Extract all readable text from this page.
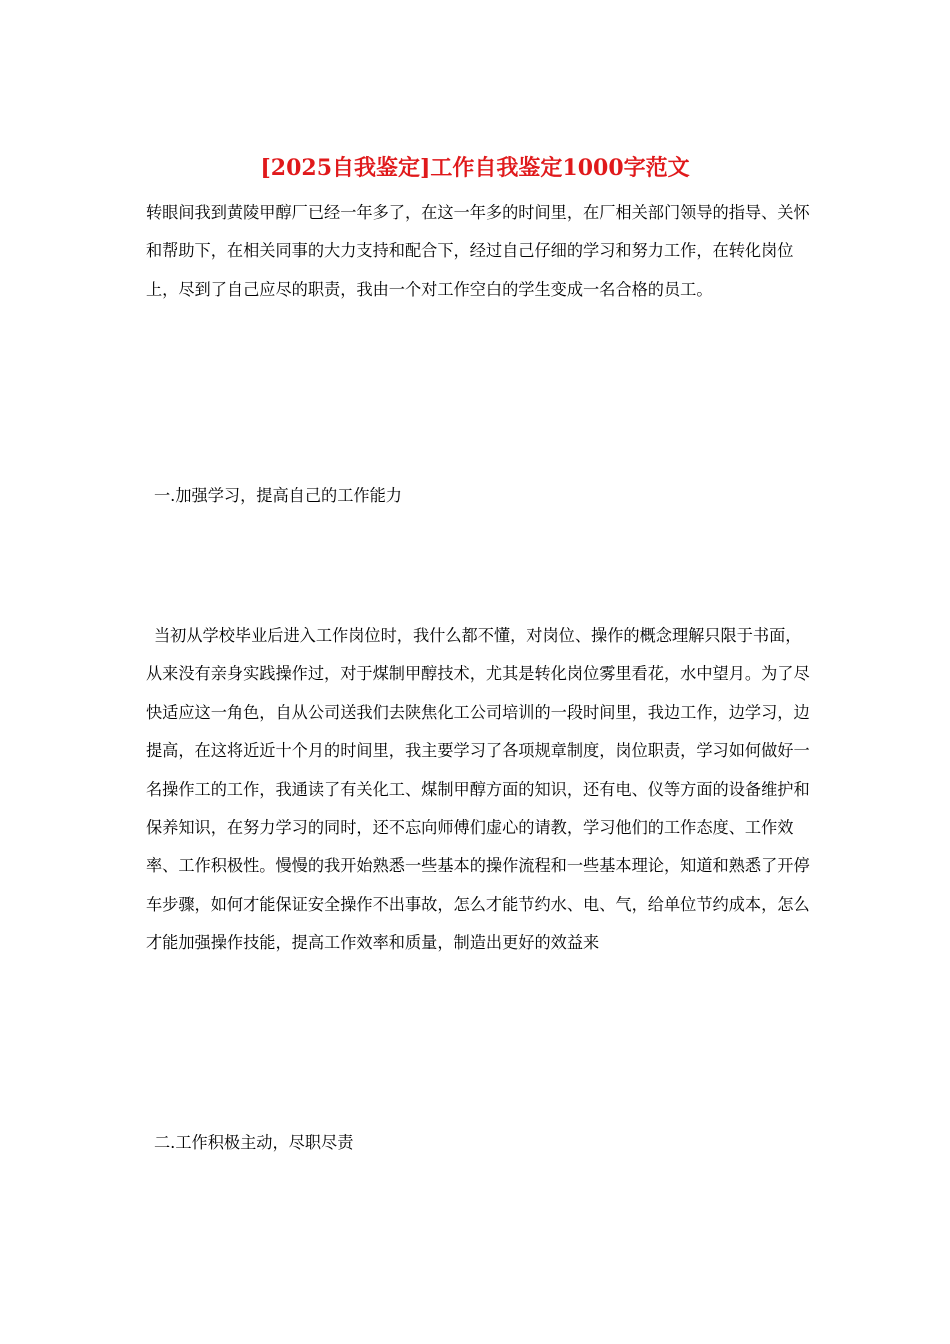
[2025自我鉴定]工作自我鉴定1000字范文

转眼间我到黄陵甲醇厂已经一年多了，在这一年多的时间里，在厂相关部门领导的指导、关怀和帮助下，在相关同事的大力支持和配合下，经过自己仔细的学习和努力工作，在转化岗位上，尽到了自己应尽的职责，我由一个对工作空白的学生变成一名合格的员工。

一.加强学习，提高自己的工作能力

当初从学校毕业后进入工作岗位时，我什么都不懂，对岗位、操作的概念理解只限于书面，从来没有亲身实践操作过，对于煤制甲醇技术，尤其是转化岗位雾里看花，水中望月。为了尽快适应这一角色，自从公司送我们去陕焦化工公司培训的一段时间里，我边工作，边学习，边提高，在这将近近十个月的时间里，我主要学习了各项规章制度，岗位职责，学习如何做好一名操作工的工作，我通读了有关化工、煤制甲醇方面的知识，还有电、仪等方面的设备维护和保养知识，在努力学习的同时，还不忘向师傅们虚心的请教，学习他们的工作态度、工作效率、工作积极性。慢慢的我开始熟悉一些基本的操作流程和一些基本理论，知道和熟悉了开停车步骤，如何才能保证安全操作不出事故，怎么才能节约水、电、气，给单位节约成本，怎么才能加强操作技能，提高工作效率和质量，制造出更好的效益来

二.工作积极主动，尽职尽责
